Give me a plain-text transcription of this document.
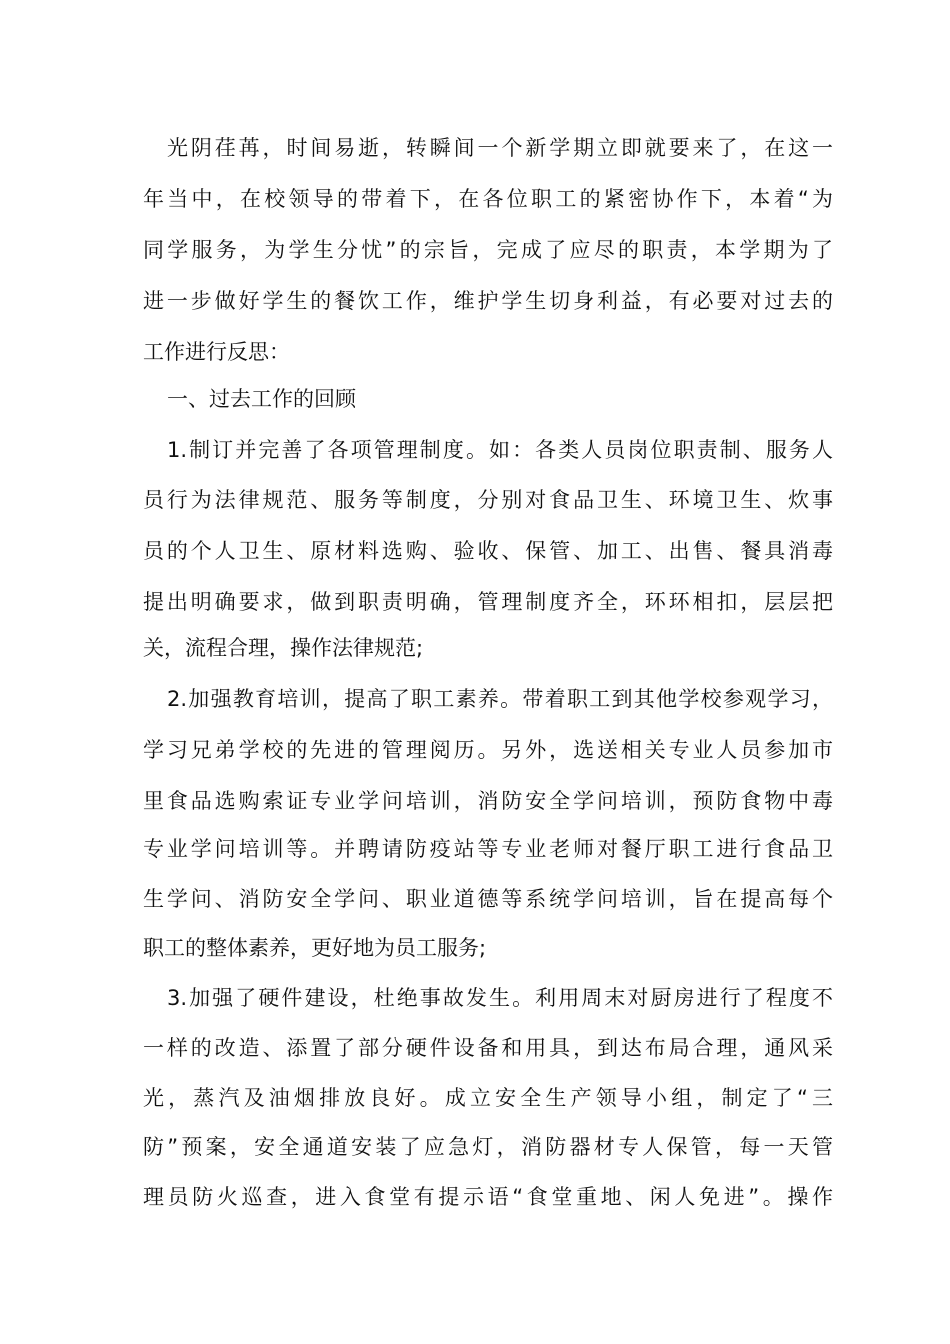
光阴荏苒，时间易逝，转瞬间一个新学期立即就要来了，在这一
年当中，在校领导的带着下，在各位职工的紧密协作下，本着“为
同学服务，为学生分忧”的宗旨，完成了应尽的职责，本学期为了
进一步做好学生的餐饮工作，维护学生切身利益，有必要对过去的
工作进行反思：
一、过去工作的回顾
1.制订并完善了各项管理制度。如：各类人员岗位职责制、服务人
员行为法律规范、服务等制度，分别对食品卫生、环境卫生、炊事
员的个人卫生、原材料选购、验收、保管、加工、出售、餐具消毒
提出明确要求，做到职责明确，管理制度齐全，环环相扣，层层把
关，流程合理，操作法律规范;
2.加强教育培训，提高了职工素养。带着职工到其他学校参观学习，
学习兄弟学校的先进的管理阅历。另外，选送相关专业人员参加市
里食品选购索证专业学问培训，消防安全学问培训，预防食物中毒
专业学问培训等。并聘请防疫站等专业老师对餐厅职工进行食品卫
生学问、消防安全学问、职业道德等系统学问培训，旨在提高每个
职工的整体素养，更好地为员工服务;
3.加强了硬件建设，杜绝事故发生。利用周末对厨房进行了程度不
一样的改造、添置了部分硬件设备和用具，到达布局合理，通风采
光，蒸汽及油烟排放良好。成立安全生产领导小组，制定了“三
防”预案，安全通道安装了应急灯，消防器材专人保管，每一天管
理员防火巡查，进入食堂有提示语“食堂重地、闲人免进”。操作
